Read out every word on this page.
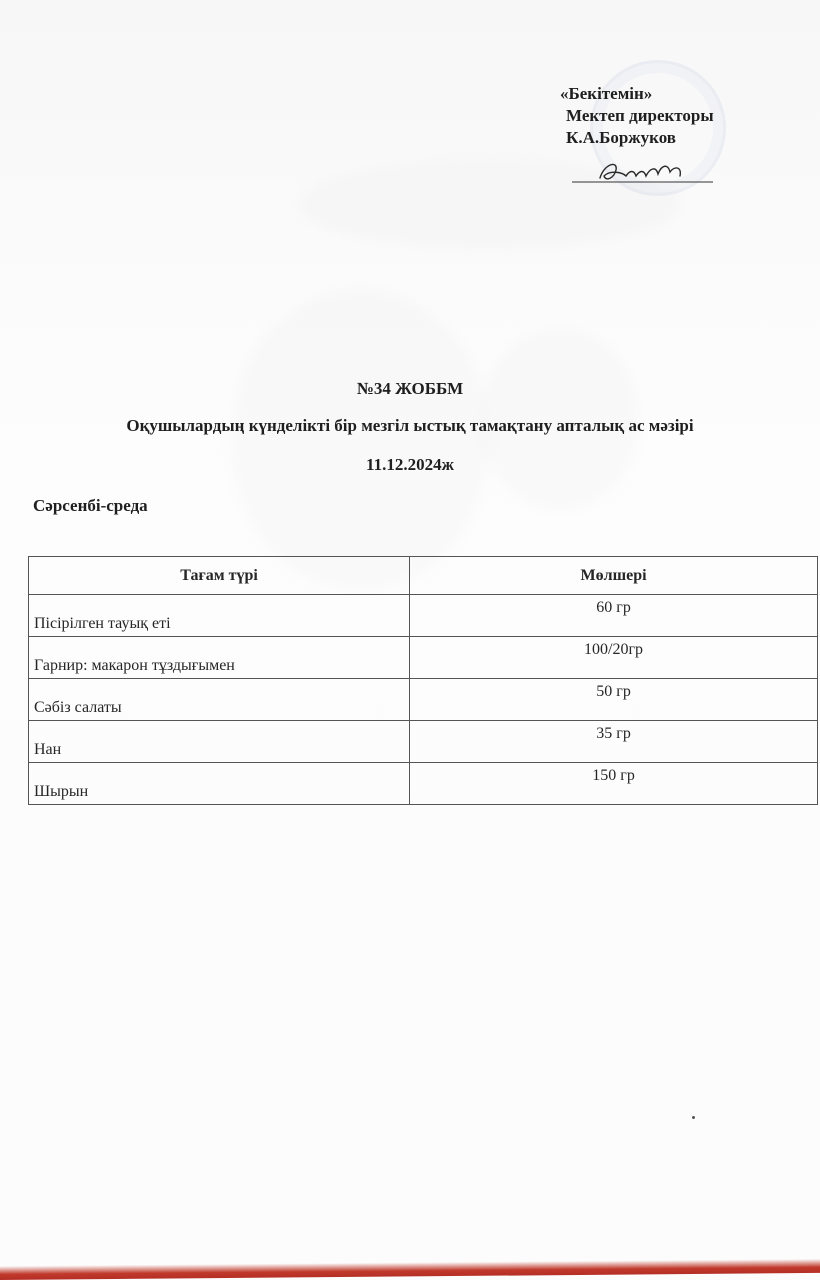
«Бекітемін»
Мектеп директоры
К.А.Боржуков
№34 ЖОББМ
Оқушылардың күнделікті бір мезгіл ыстық тамақтану апталық ас мәзірі
11.12.2024ж
Сәрсенбі-среда
Тағам түрі	Мөлшері
Пісірілген тауық еті	60 гр
Гарнир: макарон тұздығымен	100/20гр
Сәбіз салаты	50 гр
Нан	35 гр
Шырын	150 гр
